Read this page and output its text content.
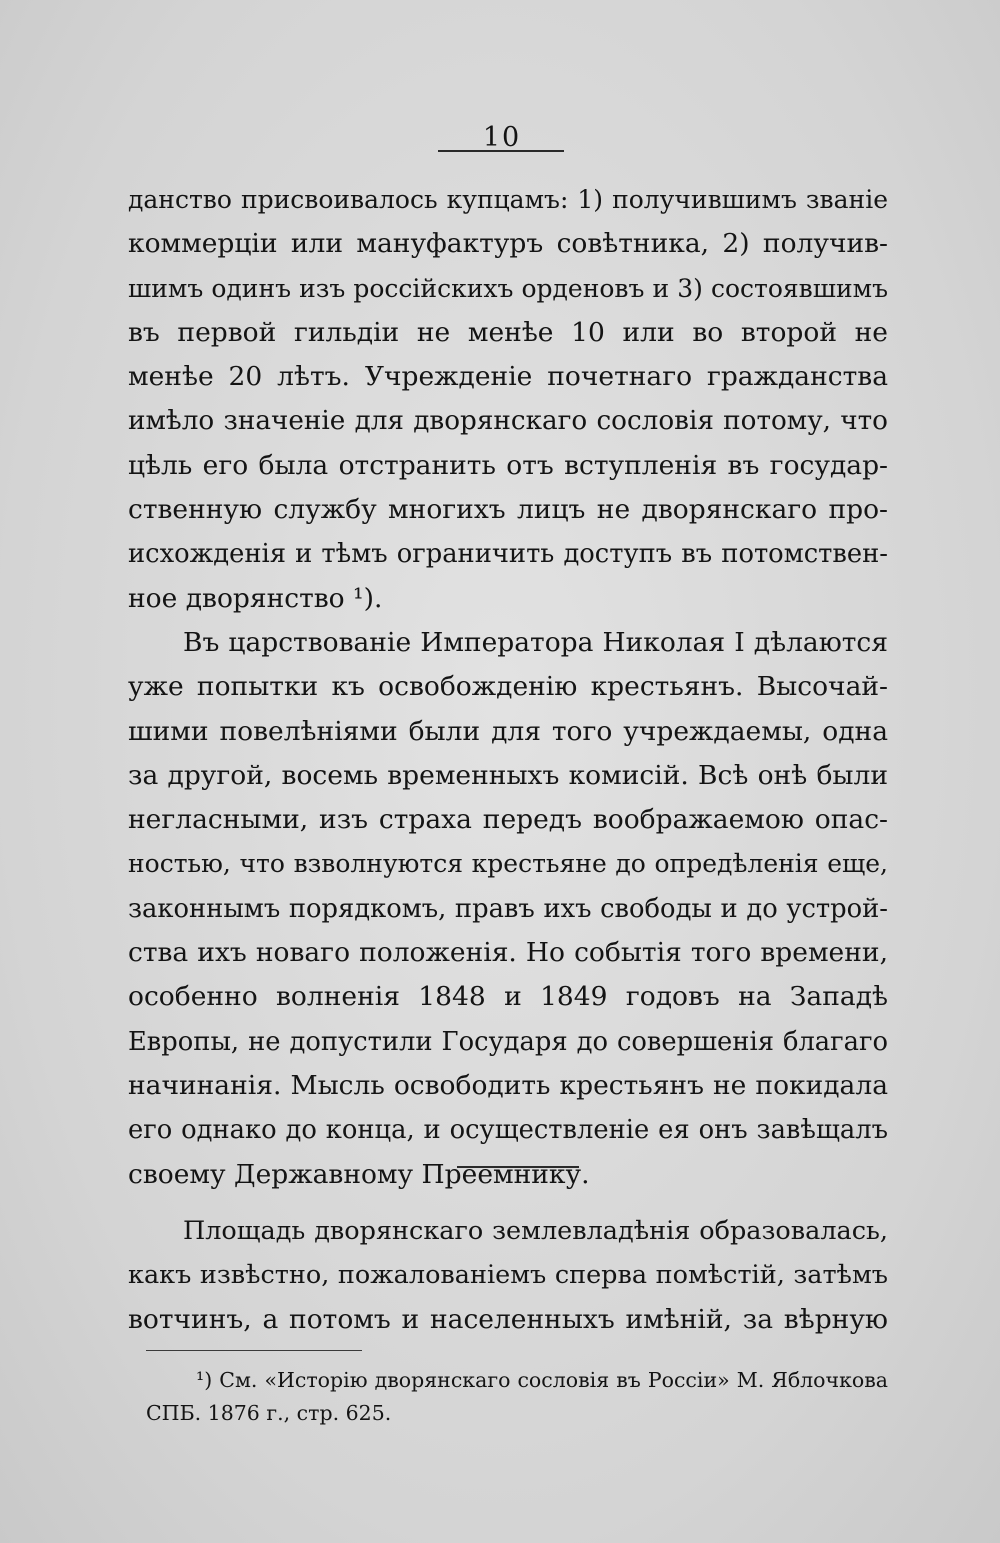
10
данство присвоивалось купцамъ: 1) получившимъ званіе
коммерціи или мануфактуръ совѣтника, 2) получив-
шимъ одинъ изъ россійскихъ орденовъ и 3) состоявшимъ
въ первой гильдіи не менѣе 10 или во второй не
менѣе 20 лѣтъ. Учрежденіе почетнаго гражданства
имѣло значеніе для дворянскаго сословія потому, что
цѣль его была отстранить отъ вступленія въ государ-
ственную службу многихъ лицъ не дворянскаго про-
исхожденія и тѣмъ ограничить доступъ въ потомствен-
ное дворянство ¹).
Въ царствованіе Императора Николая I дѣлаются
уже попытки къ освобожденію крестьянъ. Высочай-
шими повелѣніями были для того учреждаемы, одна
за другой, восемь временныхъ комисій. Всѣ онѣ были
негласными, изъ страха передъ воображаемою опас-
ностью, что взволнуются крестьяне до опредѣленія еще,
законнымъ порядкомъ, правъ ихъ свободы и до устрой-
ства ихъ новаго положенія. Но событія того времени,
особенно волненія 1848 и 1849 годовъ на Западѣ
Европы, не допустили Государя до совершенія благаго
начинанія. Мысль освободить крестьянъ не покидала
его однако до конца, и осуществленіе ея онъ завѣщалъ
своему Державному Преемнику.
Площадь дворянскаго землевладѣнія образовалась,
какъ извѣстно, пожалованіемъ сперва помѣстій, затѣмъ
вотчинъ, а потомъ и населенныхъ имѣній, за вѣрную
¹) См. «Исторію дворянскаго сословія въ Россіи» М. Яблочкова
СПБ. 1876 г., стр. 625.
